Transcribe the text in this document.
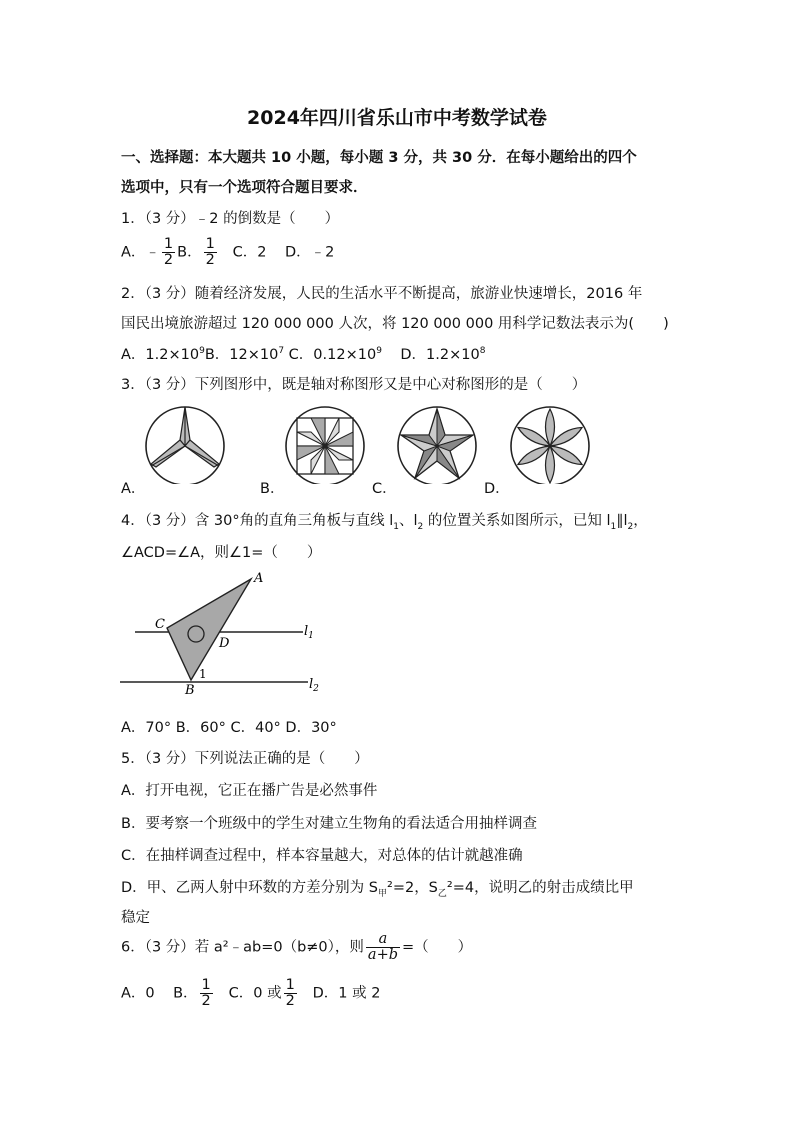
2024年四川省乐山市中考数学试卷
一、选择题：本大题共 10 小题，每小题 3 分，共 30 分．在每小题给出的四个
选项中，只有一个选项符合题目要求．
1．（3 分）﹣2 的倒数是（　　）
A．﹣ $\frac{1}{2}$ B． $\frac{1}{2}$ C．2 D．﹣2
2．（3 分）随着经济发展，人民的生活水平不断提高，旅游业快速增长，2016 年
国民出境旅游超过 120 000 000 人次，将 120 000 000 用科学记数法表示为(　　)
A．$1.2\times 10^9B$．$12\times 10^7$ C．$0.12\times 10^9$ D．$1.2\times 10^8$
3．（3 分）下列图形中，既是轴对称图形又是中心对称图形的是（　　）
A．	B．	C．	D．
4．（3 分）含 30°角的直角三角板与直线 $l_1$、$l_2$ 的位置关系如图所示，已知 $l_1\parallel l_2$，
∠ACD=∠A，则∠1=（　　）
A
C
D
B
1
$l_1$
$l_2$
A．70° B．60° C．40° D．30°
5．（3 分）下列说法正确的是（　　）
A．打开电视，它正在播广告是必然事件
B．要考察一个班级中的学生对建立生物角的看法适合用抽样调查
C．在抽样调查过程中，样本容量越大，对总体的估计就越准确
D．甲、乙两人射中环数的方差分别为 $S_甲^2=2$，$S_乙^2=4$，说明乙的射击成绩比甲
稳定
6．（3 分）若 a²﹣ab=0（b≠0），则 $\frac{a}{a+b}$ =（　　）
A．0 B． $\frac{1}{2}$ C．0 或 $\frac{1}{2}$ D．1 或 2
